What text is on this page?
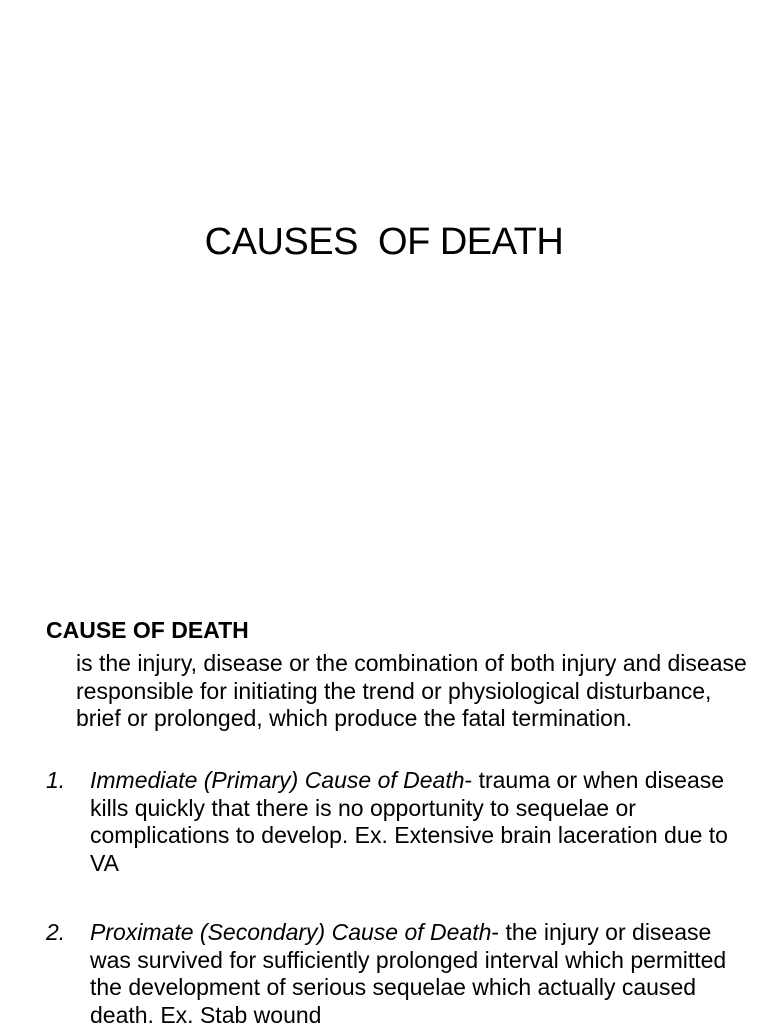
CAUSES  OF DEATH
CAUSE OF DEATH
is the injury, disease or the combination of both injury and disease responsible for initiating the trend or physiological disturbance, brief or prolonged, which produce the fatal termination.
1. Immediate (Primary) Cause of Death- trauma or when disease kills quickly that there is no opportunity to sequelae or complications to develop. Ex. Extensive brain laceration due to VA
2. Proximate (Secondary) Cause of Death- the injury or disease was survived for sufficiently prolonged interval which permitted the development of serious sequelae which actually caused death. Ex. Stab wound
